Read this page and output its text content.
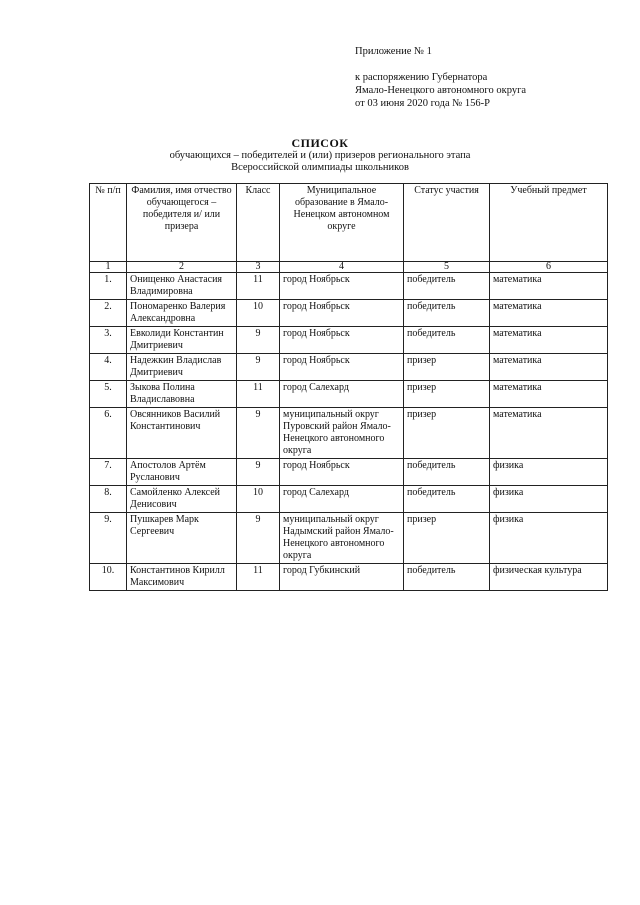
Приложение № 1
к распоряжению Губернатора
Ямало-Ненецкого автономного округа
от 03 июня 2020 года № 156-Р
СПИСОК
обучающихся – победителей и (или) призеров регионального этапа
Всероссийской олимпиады школьников
№ п/п	Фамилия, имя отчество обучающегося – победителя и/ или призера	Класс	Муниципальное образование в Ямало-Ненецком автономном округе	Статус участия	Учебный предмет
1	2	3	4	5	6
1.	Онищенко Анастасия Владимировна	11	город Ноябрьск	победитель	математика
2.	Пономаренко Валерия Александровна	10	город Ноябрьск	победитель	математика
3.	Евколиди Константин Дмитриевич	9	город Ноябрьск	победитель	математика
4.	Надежкин Владислав Дмитриевич	9	город Ноябрьск	призер	математика
5.	Зыкова Полина Владиславовна	11	город Салехард	призер	математика
6.	Овсянников Василий Константинович	9	муниципальный округ Пуровский район Ямало-Ненецкого автономного округа	призер	математика
7.	Апостолов Артём Русланович	9	город Ноябрьск	победитель	физика
8.	Самойленко Алексей Денисович	10	город Салехард	победитель	физика
9.	Пушкарев Марк Сергеевич	9	муниципальный округ Надымский район Ямало-Ненецкого автономного округа	призер	физика
10.	Константинов Кирилл Максимович	11	город Губкинский	победитель	физическая культура
